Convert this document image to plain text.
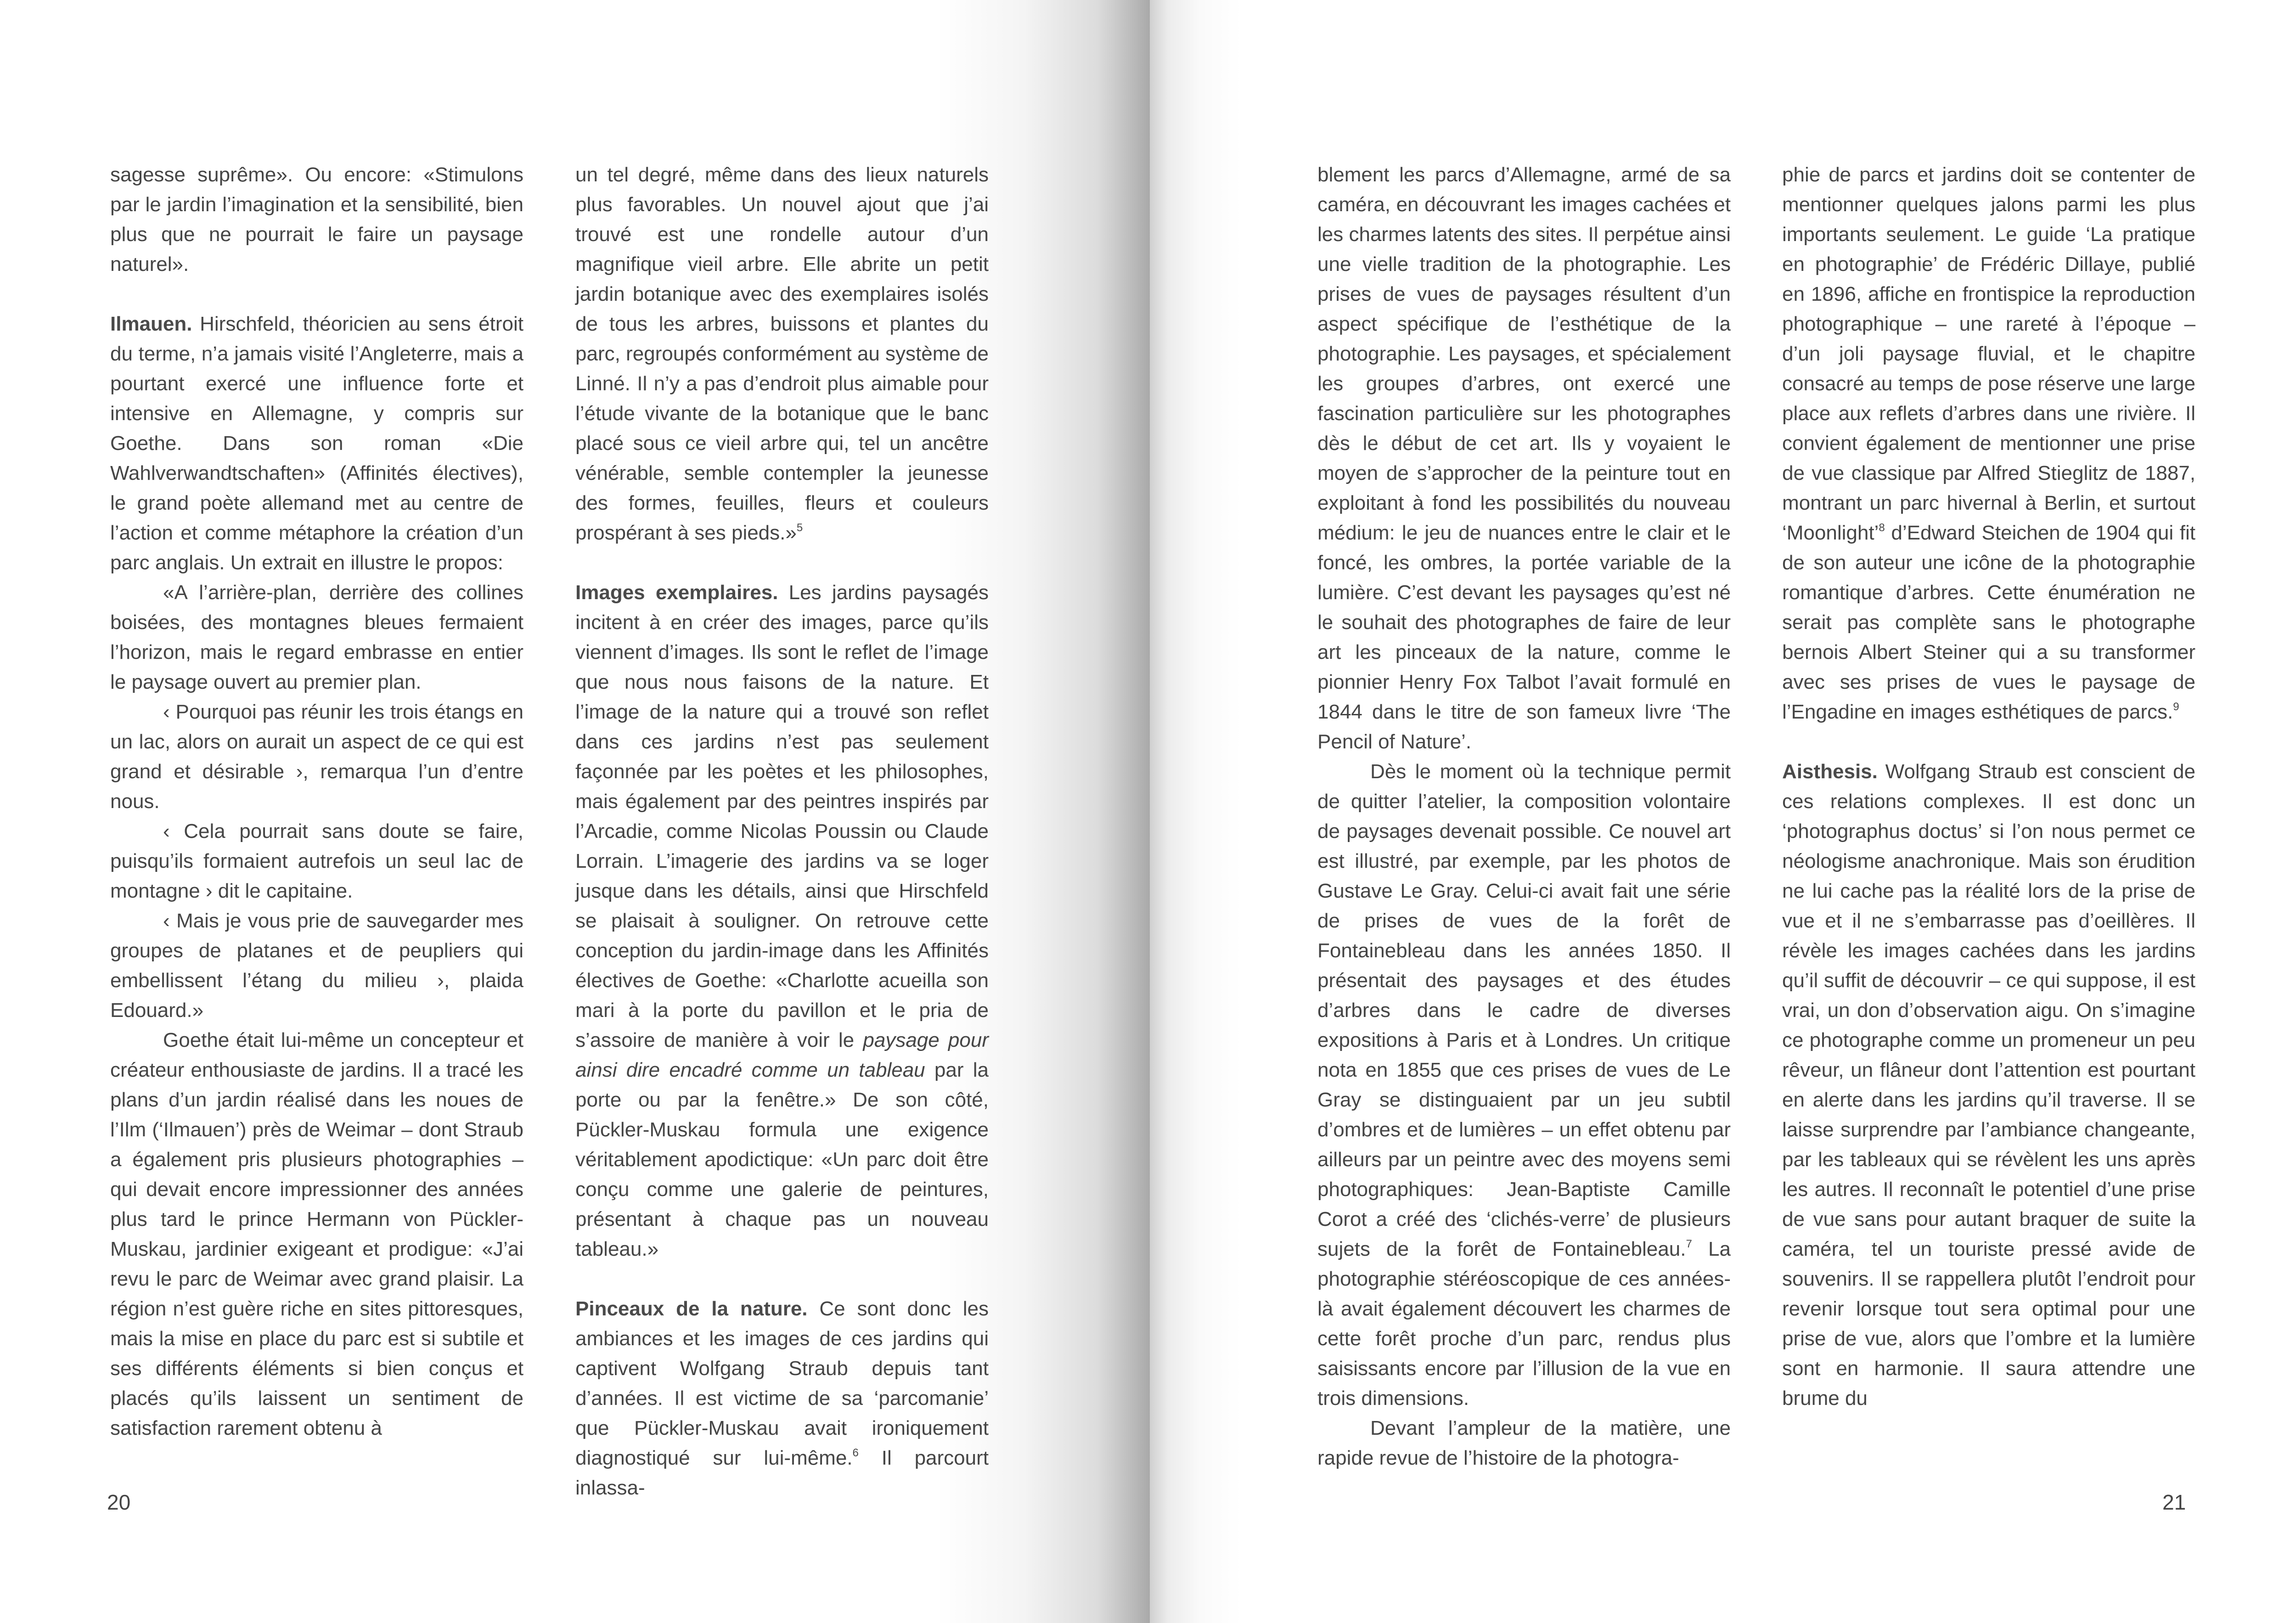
sagesse suprême». Ou encore: «Stimulons par le jardin l’imagination et la sensibilité, bien plus que ne pourrait le faire un paysage naturel».

Ilmauen. Hirschfeld, théoricien au sens étroit du terme, n’a jamais visité l’Angleterre, mais a pourtant exercé une influence forte et intensive en Allemagne, y compris sur Goethe. Dans son roman «Die Wahlverwandtschaften» (Affinités électives), le grand poète allemand met au centre de l’action et comme métaphore la création d’un parc anglais. Un extrait en illustre le propos:

«A l’arrière-plan, derrière des collines boisées, des montagnes bleues fermaient l’horizon, mais le regard embrasse en entier le paysage ouvert au premier plan.

‹ Pourquoi pas réunir les trois étangs en un lac, alors on aurait un aspect de ce qui est grand et désirable ›, remarqua l’un d’entre nous.

‹ Cela pourrait sans doute se faire, puisqu’ils formaient autrefois un seul lac de montagne › dit le capitaine.

‹ Mais je vous prie de sauvegarder mes groupes de platanes et de peupliers qui embellissent l’étang du milieu ›, plaida Edouard.»

Goethe était lui-même un concepteur et créateur enthousiaste de jardins. Il a tracé les plans d’un jardin réalisé dans les noues de l’Ilm (‘Ilmauen’) près de Weimar – dont Straub a également pris plusieurs photographies – qui devait encore impressionner des années plus tard le prince Hermann von Pückler-Muskau, jardinier exigeant et prodigue: «J’ai revu le parc de Weimar avec grand plaisir. La région n’est guère riche en sites pittoresques, mais la mise en place du parc est si subtile et ses différents éléments si bien conçus et placés qu’ils laissent un sentiment de satisfaction rarement obtenu à

un tel degré, même dans des lieux naturels plus favorables. Un nouvel ajout que j’ai trouvé est une rondelle autour d’un magnifique vieil arbre. Elle abrite un petit jardin botanique avec des exemplaires isolés de tous les arbres, buissons et plantes du parc, regroupés conformément au système de Linné. Il n’y a pas d’endroit plus aimable pour l’étude vivante de la botanique que le banc placé sous ce vieil arbre qui, tel un ancêtre vénérable, semble contempler la jeunesse des formes, feuilles, fleurs et couleurs prospérant à ses pieds.»$^5$

Images exemplaires. Les jardins paysagés incitent à en créer des images, parce qu’ils viennent d’images. Ils sont le reflet de l’image que nous nous faisons de la nature. Et l’image de la nature qui a trouvé son reflet dans ces jardins n’est pas seulement façonnée par les poètes et les philosophes, mais également par des peintres inspirés par l’Arcadie, comme Nicolas Poussin ou Claude Lorrain. L’imagerie des jardins va se loger jusque dans les détails, ainsi que Hirschfeld se plaisait à souligner. On retrouve cette conception du jardin-image dans les Affinités électives de Goethe: «Charlotte acueilla son mari à la porte du pavillon et le pria de s’assoire de manière à voir le paysage pour ainsi dire encadré comme un tableau par la porte ou par la fenêtre.» De son côté, Pückler-Muskau formula une exigence véritablement apodictique: «Un parc doit être conçu comme une galerie de peintures, présentant à chaque pas un nouveau tableau.»

Pinceaux de la nature. Ce sont donc les ambiances et les images de ces jardins qui captivent Wolfgang Straub depuis tant d’années. Il est victime de sa ‘parcomanie’ que Pückler-Muskau avait ironiquement diagnostiqué sur lui-même.$^6$ Il parcourt inlassa-

20

blement les parcs d’Allemagne, armé de sa caméra, en découvrant les images cachées et les charmes latents des sites. Il perpétue ainsi une vielle tradition de la photographie. Les prises de vues de paysages résultent d’un aspect spécifique de l’esthétique de la photographie. Les paysages, et spécialement les groupes d’arbres, ont exercé une fascination particulière sur les photographes dès le début de cet art. Ils y voyaient le moyen de s’approcher de la peinture tout en exploitant à fond les possibilités du nouveau médium: le jeu de nuances entre le clair et le foncé, les ombres, la portée variable de la lumière. C’est devant les paysages qu’est né le souhait des photographes de faire de leur art les pinceaux de la nature, comme le pionnier Henry Fox Talbot l’avait formulé en 1844 dans le titre de son fameux livre ‘The Pencil of Nature’.

Dès le moment où la technique permit de quitter l’atelier, la composition volontaire de paysages devenait possible. Ce nouvel art est illustré, par exemple, par les photos de Gustave Le Gray. Celui-ci avait fait une série de prises de vues de la forêt de Fontainebleau dans les années 1850. Il présentait des paysages et des études d’arbres dans le cadre de diverses expositions à Paris et à Londres. Un critique nota en 1855 que ces prises de vues de Le Gray se distinguaient par un jeu subtil d’ombres et de lumières – un effet obtenu par ailleurs par un peintre avec des moyens semi photographiques: Jean-Baptiste Camille Corot a créé des ‘clichés-verre’ de plusieurs sujets de la forêt de Fontainebleau.$^7$ La photographie stéréoscopique de ces années-là avait également découvert les charmes de cette forêt proche d’un parc, rendus plus saisissants encore par l’illusion de la vue en trois dimensions.

Devant l’ampleur de la matière, une rapide revue de l’histoire de la photogra-

phie de parcs et jardins doit se contenter de mentionner quelques jalons parmi les plus importants seulement. Le guide ‘La pratique en photographie’ de Frédéric Dillaye, publié en 1896, affiche en frontispice la reproduction photographique – une rareté à l’époque – d’un joli paysage fluvial, et le chapitre consacré au temps de pose réserve une large place aux reflets d’arbres dans une rivière. Il convient également de mentionner une prise de vue classique par Alfred Stieglitz de 1887, montrant un parc hivernal à Berlin, et surtout ‘Moonlight’$^8$ d’Edward Steichen de 1904 qui fit de son auteur une icône de la photographie romantique d’arbres. Cette énumération ne serait pas complète sans le photographe bernois Albert Steiner qui a su transformer avec ses prises de vues le paysage de l’Engadine en images esthétiques de parcs.$^9$

Aisthesis. Wolfgang Straub est conscient de ces relations complexes. Il est donc un ‘photographus doctus’ si l’on nous permet ce néologisme anachronique. Mais son érudition ne lui cache pas la réalité lors de la prise de vue et il ne s’embarrasse pas d’oeillères. Il révèle les images cachées dans les jardins qu’il suffit de découvrir – ce qui suppose, il est vrai, un don d’observation aigu. On s’imagine ce photographe comme un promeneur un peu rêveur, un flâneur dont l’attention est pourtant en alerte dans les jardins qu’il traverse. Il se laisse surprendre par l’ambiance changeante, par les tableaux qui se révèlent les uns après les autres. Il reconnaît le potentiel d’une prise de vue sans pour autant braquer de suite la caméra, tel un touriste pressé avide de souvenirs. Il se rappellera plutôt l’endroit pour revenir lorsque tout sera optimal pour une prise de vue, alors que l’ombre et la lumière sont en harmonie. Il saura attendre une brume du

21
